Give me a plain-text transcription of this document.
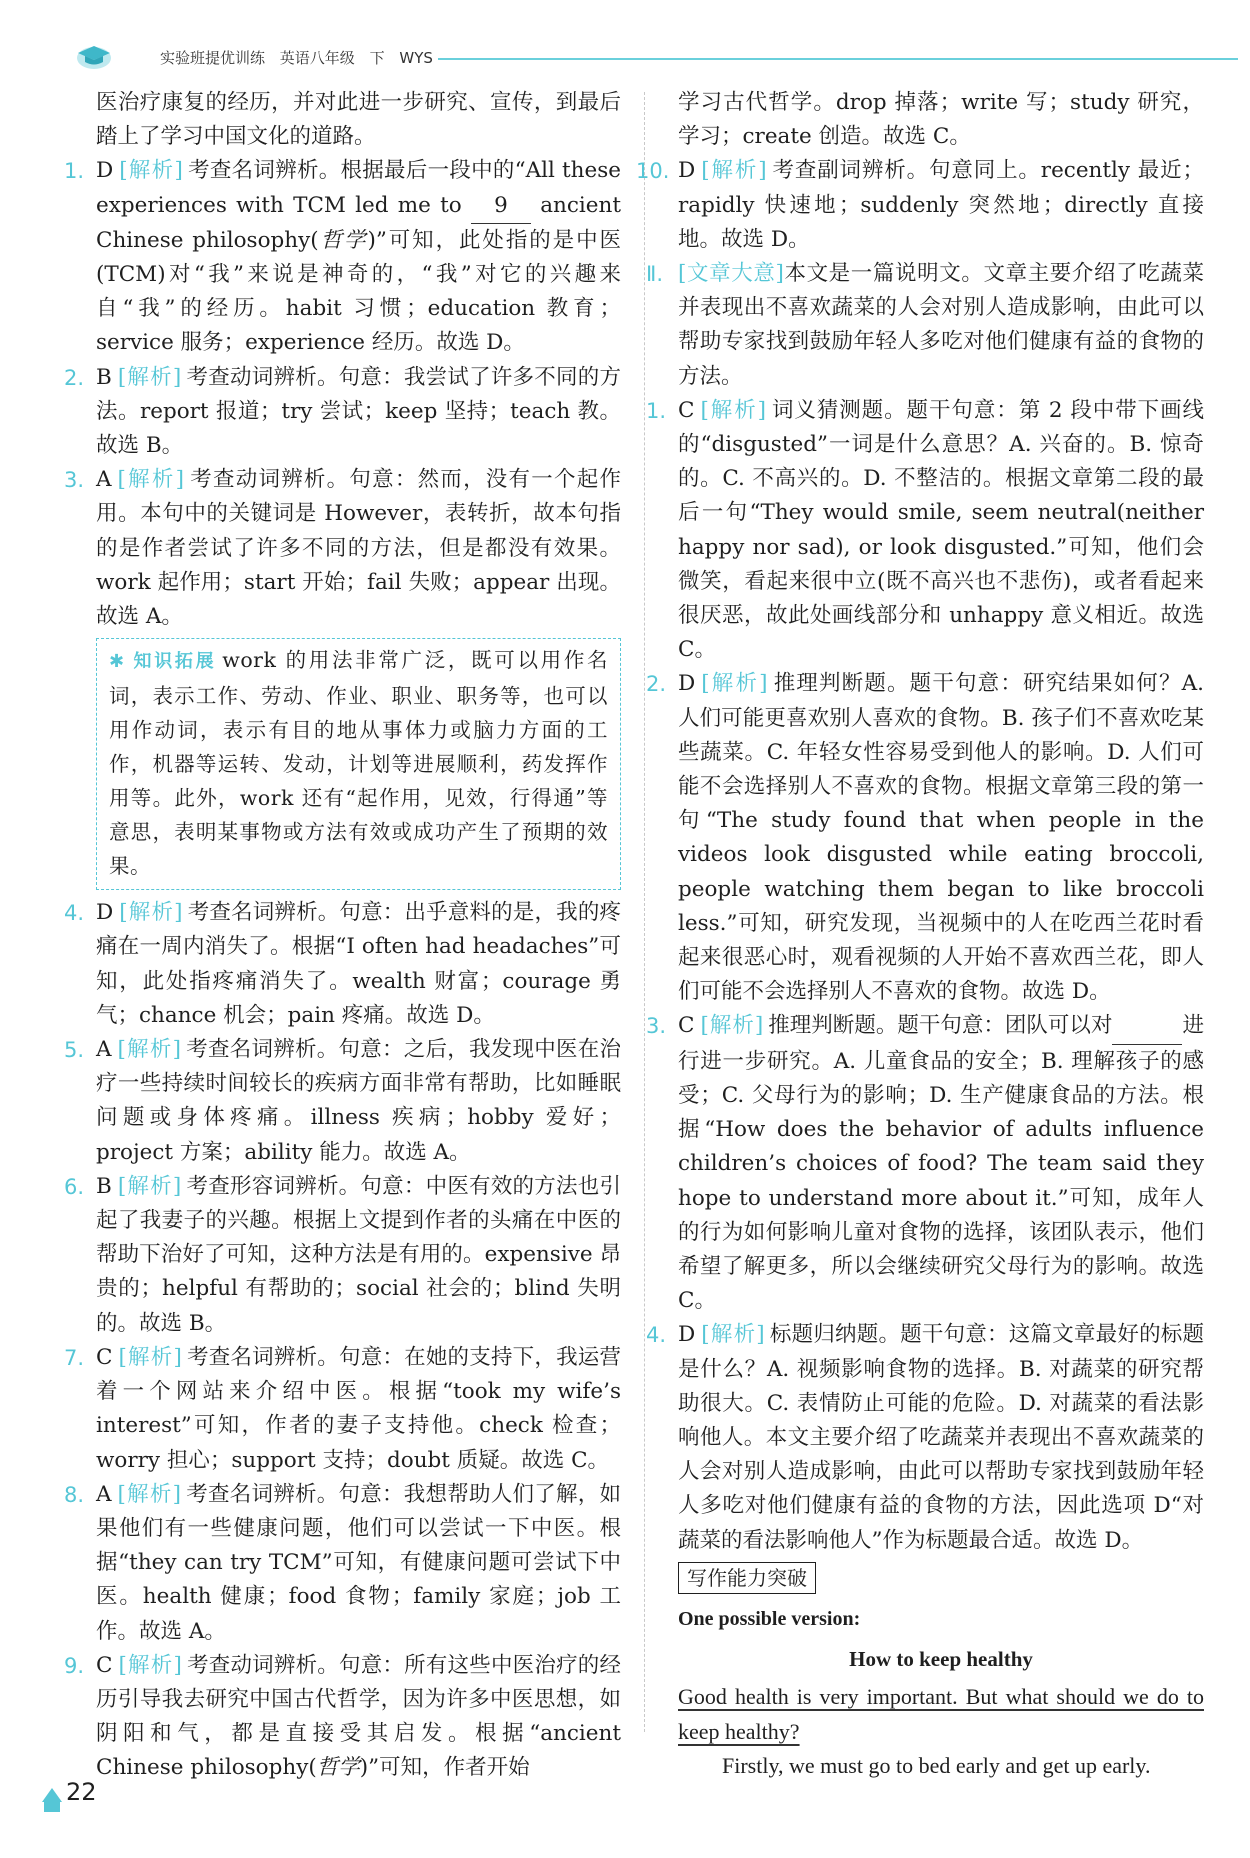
实验班提优训练 英语八年级 下 WYS

医治疗康复的经历，并对此进一步研究、宣传，到最后踏上了学习中国文化的道路。

1. D [解析] 考查名词辨析。根据最后一段中的“All these experiences with TCM led me to 9 ancient Chinese philosophy(哲学)”可知，此处指的是中医(TCM)对“我”来说是神奇的，“我”对它的兴趣来自“我”的经历。habit 习惯；education 教育；service 服务；experience 经历。故选 D。

2. B [解析] 考查动词辨析。句意：我尝试了许多不同的方法。report 报道；try 尝试；keep 坚持；teach 教。故选 B。

3. A [解析] 考查动词辨析。句意：然而，没有一个起作用。本句中的关键词是 However，表转折，故本句指的是作者尝试了许多不同的方法，但是都没有效果。work 起作用；start 开始；fail 失败；appear 出现。故选 A。

✱ 知识拓展 work 的用法非常广泛，既可以用作名词，表示工作、劳动、作业、职业、职务等，也可以用作动词，表示有目的地从事体力或脑力方面的工作，机器等运转、发动，计划等进展顺利，药发挥作用等。此外，work 还有“起作用，见效，行得通”等意思，表明某事物或方法有效或成功产生了预期的效果。
4. D [解析] 考查名词辨析。句意：出乎意料的是，我的疼痛在一周内消失了。根据“I often had headaches”可知，此处指疼痛消失了。wealth 财富；courage 勇气；chance 机会；pain 疼痛。故选 D。

5. A [解析] 考查名词辨析。句意：之后，我发现中医在治疗一些持续时间较长的疾病方面非常有帮助，比如睡眠问题或身体疼痛。illness 疾病；hobby 爱好；project 方案；ability 能力。故选 A。

6. B [解析] 考查形容词辨析。句意：中医有效的方法也引起了我妻子的兴趣。根据上文提到作者的头痛在中医的帮助下治好了可知，这种方法是有用的。expensive 昂贵的；helpful 有帮助的；social 社会的；blind 失明的。故选 B。

7. C [解析] 考查名词辨析。句意：在她的支持下，我运营着一个网站来介绍中医。根据“took my wife’s interest”可知，作者的妻子支持他。check 检查；worry 担心；support 支持；doubt 质疑。故选 C。

8. A [解析] 考查名词辨析。句意：我想帮助人们了解，如果他们有一些健康问题，他们可以尝试一下中医。根据“they can try TCM”可知，有健康问题可尝试下中医。health 健康；food 食物；family 家庭；job 工作。故选 A。

9. C [解析] 考查动词辨析。句意：所有这些中医治疗的经历引导我去研究中国古代哲学，因为许多中医思想，如阴阳和气，都是直接受其启发。根据“ancient Chinese philosophy(哲学)”可知，作者开始

学习古代哲学。drop 掉落；write 写；study 研究，学习；create 创造。故选 C。

10. D [解析] 考查副词辨析。句意同上。recently 最近；rapidly 快速地；suddenly 突然地；directly 直接地。故选 D。

Ⅱ. [文章大意]本文是一篇说明文。文章主要介绍了吃蔬菜并表现出不喜欢蔬菜的人会对别人造成影响，由此可以帮助专家找到鼓励年轻人多吃对他们健康有益的食物的方法。

1. C [解析] 词义猜测题。题干句意：第 2 段中带下画线的“disgusted”一词是什么意思？A. 兴奋的。B. 惊奇的。C. 不高兴的。D. 不整洁的。根据文章第二段的最后一句“They would smile, seem neutral(neither happy nor sad), or look disgusted.”可知，他们会微笑，看起来很中立(既不高兴也不悲伤)，或者看起来很厌恶，故此处画线部分和 unhappy 意义相近。故选 C。

2. D [解析] 推理判断题。题干句意：研究结果如何？A. 人们可能更喜欢别人喜欢的食物。B. 孩子们不喜欢吃某些蔬菜。C. 年轻女性容易受到他人的影响。D. 人们可能不会选择别人不喜欢的食物。根据文章第三段的第一句“The study found that when people in the videos look disgusted while eating broccoli, people watching them began to like broccoli less.”可知，研究发现，当视频中的人在吃西兰花时看起来很恶心时，观看视频的人开始不喜欢西兰花，即人们可能不会选择别人不喜欢的食物。故选 D。

3. C [解析] 推理判断题。题干句意：团队可以对	进行进一步研究。A. 儿童食品的安全；B. 理解孩子的感受；C. 父母行为的影响；D. 生产健康食品的方法。根据“How does the behavior of adults influence children’s choices of food? The team said they hope to understand more about it.”可知，成年人的行为如何影响儿童对食物的选择，该团队表示，他们希望了解更多，所以会继续研究父母行为的影响。故选 C。

4. D [解析] 标题归纳题。题干句意：这篇文章最好的标题是什么？A. 视频影响食物的选择。B. 对蔬菜的研究帮助很大。C. 表情防止可能的危险。D. 对蔬菜的看法影响他人。本文主要介绍了吃蔬菜并表现出不喜欢蔬菜的人会对别人造成影响，由此可以帮助专家找到鼓励年轻人多吃对他们健康有益的食物的方法，因此选项 D“对蔬菜的看法影响他人”作为标题最合适。故选 D。

写作能力突破

One possible version:

How to keep healthy

Good health is very important. But what should we do to keep healthy?

Firstly, we must go to bed early and get up early.

22
